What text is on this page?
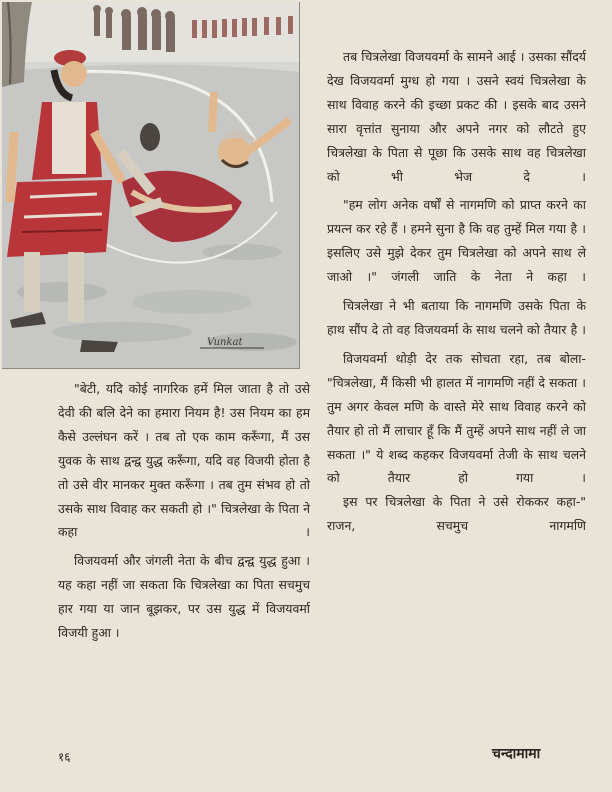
Vunkat

तब चित्रलेखा विजयवर्मा के सामने आई । उसका सौंदर्य देख विजयवर्मा मुग्ध हो गया । उसने स्वयं चित्रलेखा के साथ विवाह करने की इच्छा प्रकट की । इसके बाद उसने सारा वृत्तांत सुनाया और अपने नगर को लौटते हुए चित्रलेखा के पिता से पूछा कि उसके साथ वह चित्रलेखा को भी भेज दे ।

"हम लोग अनेक वर्षों से नागमणि को प्राप्त करने का प्रयत्न कर रहे हैं । हमने सुना है कि वह तुम्हें मिल गया है । इसलिए उसे मुझे देकर तुम चित्रलेखा को अपने साथ ले जाओ ।" जंगली जाति के नेता ने कहा ।

चित्रलेखा ने भी बताया कि नागमणि उसके पिता के हाथ सौंप दे तो वह विजयवर्मा के साथ चलने को तैयार है ।

विजयवर्मा थोड़ी देर तक सोचता रहा, तब बोला-"चित्रलेखा, मैं किसी भी हालत में नागमणि नहीं दे सकता । तुम अगर केवल मणि के वास्ते मेरे साथ विवाह करने को तैयार हो तो मैं लाचार हूँ कि मैं तुम्हें अपने साथ नहीं ले जा सकता ।" ये शब्द कहकर विजयवर्मा तेजी के साथ चलने को तैयार हो गया ।

इस पर चित्रलेखा के पिता ने उसे रोककर कहा-" राजन, सचमुच नागमणि

"बेटी, यदि कोई नागरिक हमें मिल जाता है तो उसे देवी की बलि देने का हमारा नियम है! उस नियम का हम कैसे उल्लंघन करें । तब तो एक काम करूँगा, मैं उस युवक के साथ द्वन्द्व युद्ध करूँगा, यदि वह विजयी होता है तो उसे वीर मानकर मुक्त करूँगा । तब तुम संभव हो तो उसके साथ विवाह कर सकती हो ।" चित्रलेखा के पिता ने कहा ।

विजयवर्मा और जंगली नेता के बीच द्वन्द्व युद्ध हुआ । यह कहा नहीं जा सकता कि चित्रलेखा का पिता सचमुच हार गया या जान बूझकर, पर उस युद्ध में विजयवर्मा विजयी हुआ ।

१६	चन्दामामा
